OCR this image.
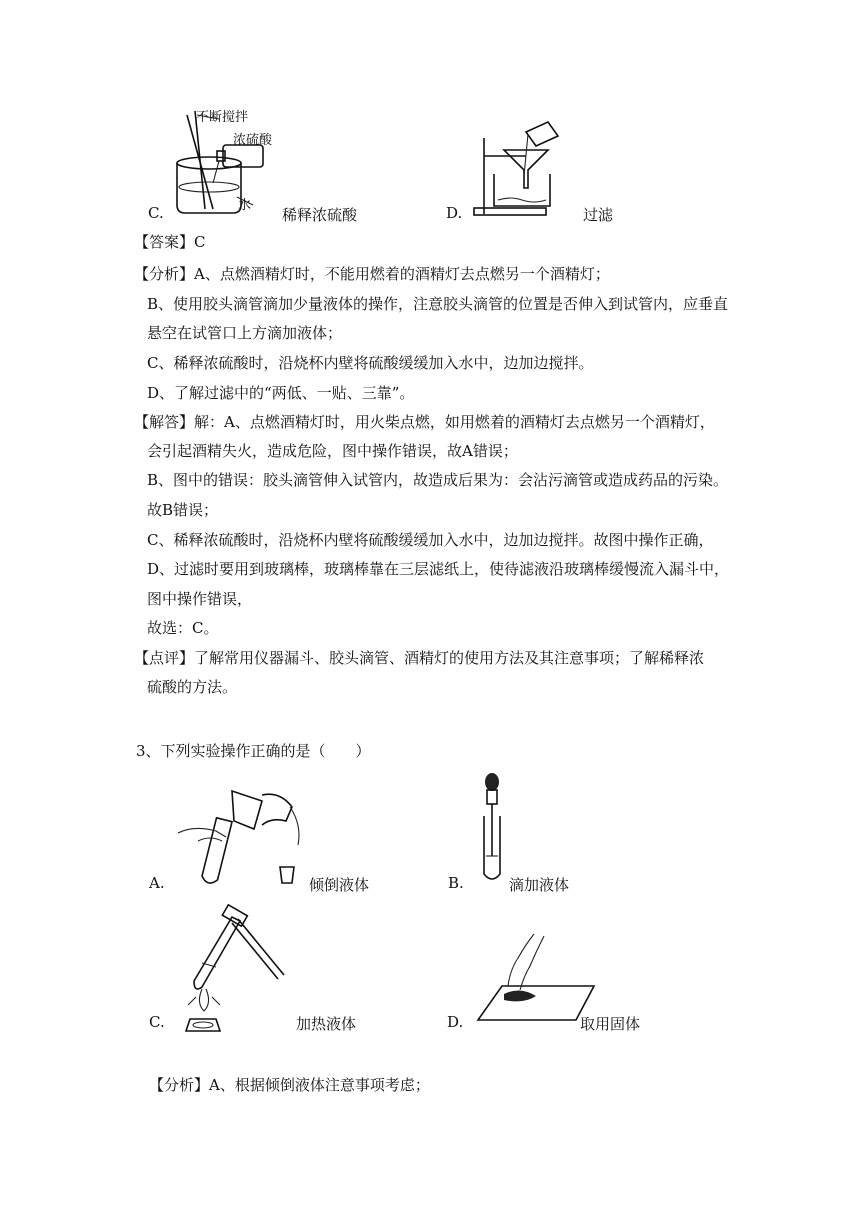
不断搅拌
浓硫酸
水
C.	稀释浓硫酸	D.	过滤
【答案】C
【分析】A、点燃酒精灯时，不能用燃着的酒精灯去点燃另一个酒精灯；
B、使用胶头滴管滴加少量液体的操作，注意胶头滴管的位置是否伸入到试管内，应垂直
悬空在试管口上方滴加液体；
C、稀释浓硫酸时，沿烧杯内壁将硫酸缓缓加入水中，边加边搅拌。
D、了解过滤中的“两低、一贴、三靠”。
【解答】解：A、点燃酒精灯时，用火柴点燃，如用燃着的酒精灯去点燃另一个酒精灯，
会引起酒精失火，造成危险，图中操作错误，故A错误；
B、图中的错误：胶头滴管伸入试管内，故造成后果为：会沾污滴管或造成药品的污染。
故B错误；
C、稀释浓硫酸时，沿烧杯内壁将硫酸缓缓加入水中，边加边搅拌。故图中操作正确，
D、过滤时要用到玻璃棒，玻璃棒靠在三层滤纸上，使待滤液沿玻璃棒缓慢流入漏斗中，
图中操作错误，
故选：C。
【点评】了解常用仪器漏斗、胶头滴管、酒精灯的使用方法及其注意事项；了解稀释浓
硫酸的方法。
3、下列实验操作正确的是（　　）
A.	倾倒液体	B.	滴加液体
C.	加热液体	D.	取用固体
【分析】A、根据倾倒液体注意事项考虑；
